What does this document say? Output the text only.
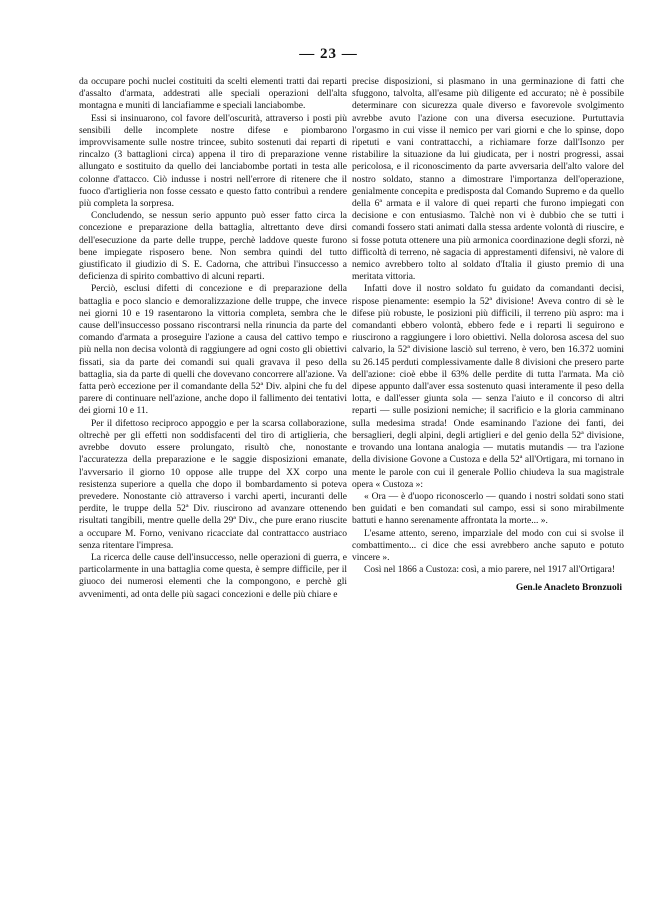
— 23 —

da occupare pochi nuclei costituiti da scelti elementi tratti dai reparti d'assalto d'armata, addestrati alle speciali operazioni dell'alta montagna e muniti di lanciafiamme e speciali lanciabombe.

Essi si insinuarono, col favore dell'oscurità, attraverso i posti più sensibili delle incomplete nostre difese e piombarono improvvisamente sulle nostre trincee, subito sostenuti dai reparti di rincalzo (3 battaglioni circa) appena il tiro di preparazione venne allungato e sostituito da quello dei lanciabombe portati in testa alle colonne d'attacco. Ciò indusse i nostri nell'errore di ritenere che il fuoco d'artiglieria non fosse cessato e questo fatto contribuì a rendere più completa la sorpresa.

Concludendo, se nessun serio appunto può esser fatto circa la concezione e preparazione della battaglia, altrettanto deve dirsi dell'esecuzione da parte delle truppe, perchè laddove queste furono bene impiegate risposero bene. Non sembra quindi del tutto giustificato il giudizio di S. E. Cadorna, che attribuì l'insuccesso a deficienza di spirito combattivo di alcuni reparti.

Perciò, esclusi difetti di concezione e di preparazione della battaglia e poco slancio e demoralizzazione delle truppe, che invece nei giorni 10 e 19 rasentarono la vittoria completa, sembra che le cause dell'insuccesso possano riscontrarsi nella rinuncia da parte del comando d'armata a proseguire l'azione a causa del cattivo tempo e più nella non decisa volontà di raggiungere ad ogni costo gli obiettivi fissati, sia da parte dei comandi sui quali gravava il peso della battaglia, sia da parte di quelli che dovevano concorrere all'azione. Va fatta però eccezione per il comandante della 52ª Div. alpini che fu del parere di continuare nell'azione, anche dopo il fallimento dei tentativi dei giorni 10 e 11.

Per il difettoso reciproco appoggio e per la scarsa collaborazione, oltrechè per gli effetti non soddisfacenti del tiro di artiglieria, che avrebbe dovuto essere prolungato, risultò che, nonostante l'accuratezza della preparazione e le saggie disposizioni emanate, l'avversario il giorno 10 oppose alle truppe del XX corpo una resistenza superiore a quella che dopo il bombardamento si poteva prevedere. Nonostante ciò attraverso i varchi aperti, incuranti delle perdite, le truppe della 52ª Div. riuscirono ad avanzare ottenendo risultati tangibili, mentre quelle della 29ª Div., che pure erano riuscite a occupare M. Forno, venivano ricacciate dal contrattacco austriaco senza ritentare l'impresa.

La ricerca delle cause dell'insuccesso, nelle operazioni di guerra, e particolarmente in una battaglia come questa, è sempre difficile, per il giuoco dei numerosi elementi che la compongono, e perchè gli avvenimenti, ad onta delle più sagaci concezioni e delle più chiare e

precise disposizioni, si plasmano in una germinazione di fatti che sfuggono, talvolta, all'esame più diligente ed accurato; nè è possibile determinare con sicurezza quale diverso e favorevole svolgimento avrebbe avuto l'azione con una diversa esecuzione. Purtuttavia l'orgasmo in cui visse il nemico per vari giorni e che lo spinse, dopo ripetuti e vani contrattacchi, a richiamare forze dall'Isonzo per ristabilire la situazione da lui giudicata, per i nostri progressi, assai pericolosa, e il riconoscimento da parte avversaria dell'alto valore del nostro soldato, stanno a dimostrare l'importanza dell'operazione, genialmente concepita e predisposta dal Comando Supremo e da quello della 6ª armata e il valore di quei reparti che furono impiegati con decisione e con entusiasmo. Talchè non vi è dubbio che se tutti i comandi fossero stati animati dalla stessa ardente volontà di riuscire, e si fosse potuta ottenere una più armonica coordinazione degli sforzi, nè difficoltà di terreno, nè sagacia di apprestamenti difensivi, nè valore di nemico avrebbero tolto al soldato d'Italia il giusto premio di una meritata vittoria.

Infatti dove il nostro soldato fu guidato da comandanti decisi, rispose pienamente: esempio la 52ª divisione! Aveva contro di sè le difese più robuste, le posizioni più difficili, il terreno più aspro: ma i comandanti ebbero volontà, ebbero fede e i reparti li seguirono e riuscirono a raggiungere i loro obiettivi. Nella dolorosa ascesa del suo calvario, la 52ª divisione lasciò sul terreno, è vero, ben 16.372 uomini su 26.145 perduti complessivamente dalle 8 divisioni che presero parte dell'azione: cioè ebbe il 63% delle perdite di tutta l'armata. Ma ciò dipese appunto dall'aver essa sostenuto quasi interamente il peso della lotta, e dall'esser giunta sola — senza l'aiuto e il concorso di altri reparti — sulle posizioni nemiche; il sacrificio e la gloria camminano sulla medesima strada! Onde esaminando l'azione dei fanti, dei bersaglieri, degli alpini, degli artiglieri e del genio della 52ª divisione, e trovando una lontana analogia — mutatis mutandis — tra l'azione della divisione Govone a Custoza e della 52ª all'Ortigara, mi tornano in mente le parole con cui il generale Pollio chiudeva la sua magistrale opera « Custoza »:

« Ora — è d'uopo riconoscerlo — quando i nostri soldati sono stati ben guidati e ben comandati sul campo, essi si sono mirabilmente battuti e hanno serenamente affrontata la morte... ».

L'esame attento, sereno, imparziale del modo con cui si svolse il combattimento... ci dice che essi avrebbero anche saputo e potuto vincere ».

Così nel 1866 a Custoza: così, a mio parere, nel 1917 all'Ortigara!

Gen.le Anacleto Bronzuoli
